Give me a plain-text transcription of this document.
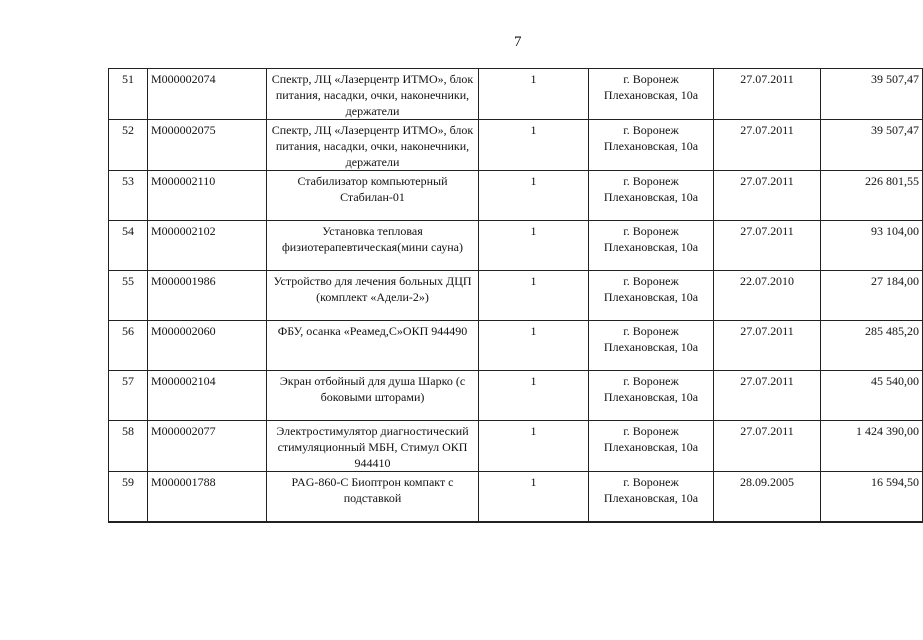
7
51	М000002074	Спектр, ЛЦ «Лазерцентр ИТМО», блок питания, насадки, очки, наконечники, держатели	1	г. Воронеж Плехановская, 10а	27.07.2011	39 507,47
52	М000002075	Спектр, ЛЦ «Лазерцентр ИТМО», блок питания, насадки, очки, наконечники, держатели	1	г. Воронеж Плехановская, 10а	27.07.2011	39 507,47
53	М000002110	Стабилизатор компьютерный Стабилан-01	1	г. Воронеж Плехановская, 10а	27.07.2011	226 801,55
54	М000002102	Установка тепловая физиотерапевтическая(мини сауна)	1	г. Воронеж Плехановская, 10а	27.07.2011	93 104,00
55	М000001986	Устройство для лечения больных ДЦП (комплект «Адели-2»)	1	г. Воронеж Плехановская, 10а	22.07.2010	27 184,00
56	М000002060	ФБУ, осанка «Реамед,С»ОКП 944490	1	г. Воронеж Плехановская, 10а	27.07.2011	285 485,20
57	М000002104	Экран отбойный для душа Шарко (с боковыми шторами)	1	г. Воронеж Плехановская, 10а	27.07.2011	45 540,00
58	М000002077	Электростимулятор диагностический стимуляционный МБН, Стимул ОКП 944410	1	г. Воронеж Плехановская, 10а	27.07.2011	1 424 390,00
59	М000001788	PAG-860-C Биоптрон компакт с подставкой	1	г. Воронеж Плехановская, 10а	28.09.2005	16 594,50
